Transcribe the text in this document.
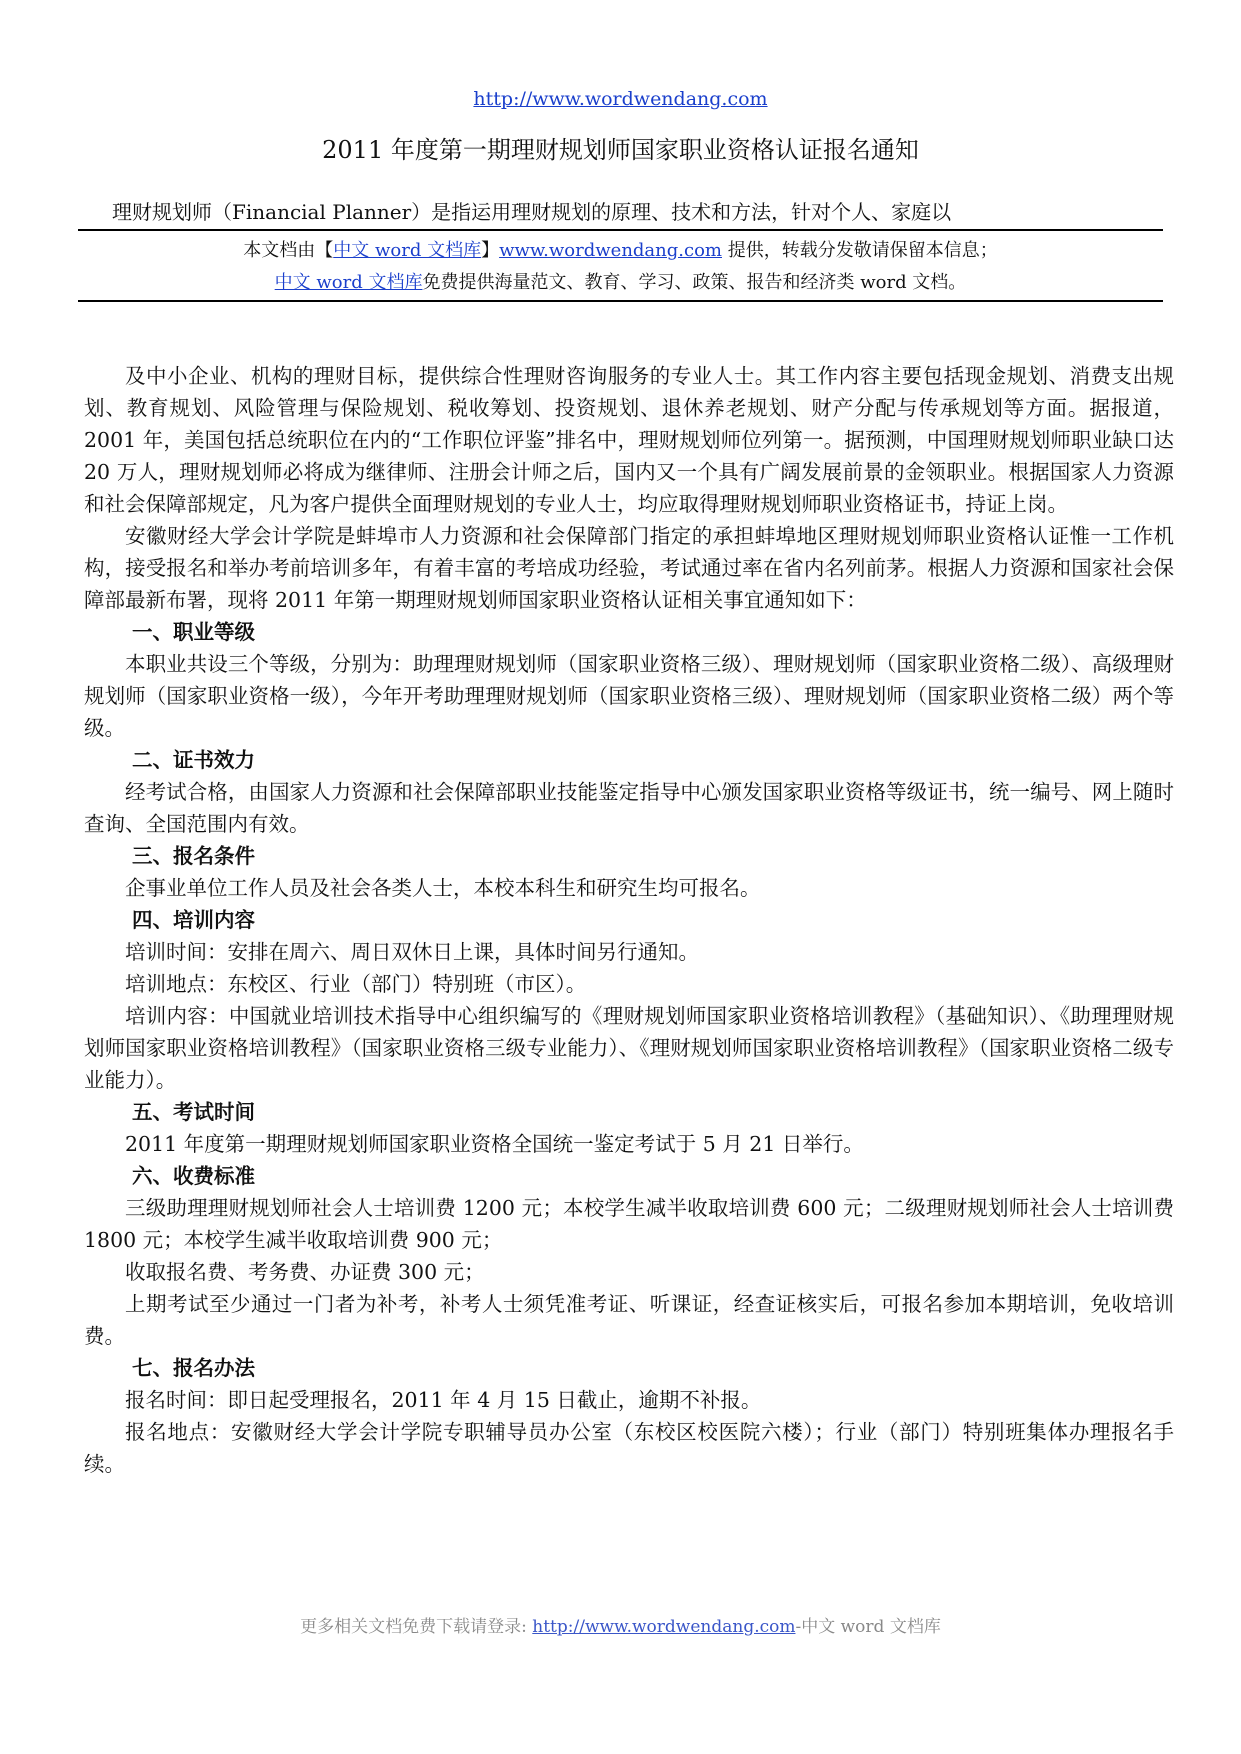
http://www.wordwendang.com
2011 年度第一期理财规划师国家职业资格认证报名通知
理财规划师（Financial Planner）是指运用理财规划的原理、技术和方法，针对个人、家庭以
本文档由【中文 word 文档库】www.wordwendang.com 提供，转载分发敬请保留本信息；
中文 word 文档库免费提供海量范文、教育、学习、政策、报告和经济类 word 文档。

及中小企业、机构的理财目标，提供综合性理财咨询服务的专业人士。其工作内容主要包括现金规划、消费支出规划、教育规划、风险管理与保险规划、税收筹划、投资规划、退休养老规划、财产分配与传承规划等方面。据报道，2001 年，美国包括总统职位在内的“工作职位评鉴”排名中，理财规划师位列第一。据预测，中国理财规划师职业缺口达 20 万人，理财规划师必将成为继律师、注册会计师之后，国内又一个具有广阔发展前景的金领职业。根据国家人力资源和社会保障部规定，凡为客户提供全面理财规划的专业人士，均应取得理财规划师职业资格证书，持证上岗。

安徽财经大学会计学院是蚌埠市人力资源和社会保障部门指定的承担蚌埠地区理财规划师职业资格认证惟一工作机构，接受报名和举办考前培训多年，有着丰富的考培成功经验，考试通过率在省内名列前茅。根据人力资源和国家社会保障部最新布署，现将 2011 年第一期理财规划师国家职业资格认证相关事宜通知如下：

一、职业等级

本职业共设三个等级，分别为：助理理财规划师（国家职业资格三级）、理财规划师（国家职业资格二级）、高级理财规划师（国家职业资格一级），今年开考助理理财规划师（国家职业资格三级）、理财规划师（国家职业资格二级）两个等级。

二、证书效力

经考试合格，由国家人力资源和社会保障部职业技能鉴定指导中心颁发国家职业资格等级证书，统一编号、网上随时查询、全国范围内有效。

三、报名条件

企事业单位工作人员及社会各类人士，本校本科生和研究生均可报名。

四、培训内容

培训时间：安排在周六、周日双休日上课，具体时间另行通知。

培训地点：东校区、行业（部门）特别班（市区）。

培训内容：中国就业培训技术指导中心组织编写的《理财规划师国家职业资格培训教程》（基础知识）、《助理理财规划师国家职业资格培训教程》（国家职业资格三级专业能力）、《理财规划师国家职业资格培训教程》（国家职业资格二级专业能力）。

五、考试时间

2011 年度第一期理财规划师国家职业资格全国统一鉴定考试于 5 月 21 日举行。

六、收费标准

三级助理理财规划师社会人士培训费 1200 元；本校学生减半收取培训费 600 元；二级理财规划师社会人士培训费 1800 元；本校学生减半收取培训费 900 元；

收取报名费、考务费、办证费 300 元；

上期考试至少通过一门者为补考，补考人士须凭准考证、听课证，经查证核实后，可报名参加本期培训，免收培训费。

七、报名办法

报名时间：即日起受理报名，2011 年 4 月 15 日截止，逾期不补报。

报名地点：安徽财经大学会计学院专职辅导员办公室（东校区校医院六楼）；行业（部门）特别班集体办理报名手续。

更多相关文档免费下载请登录: http://www.wordwendang.com-中文 word 文档库
